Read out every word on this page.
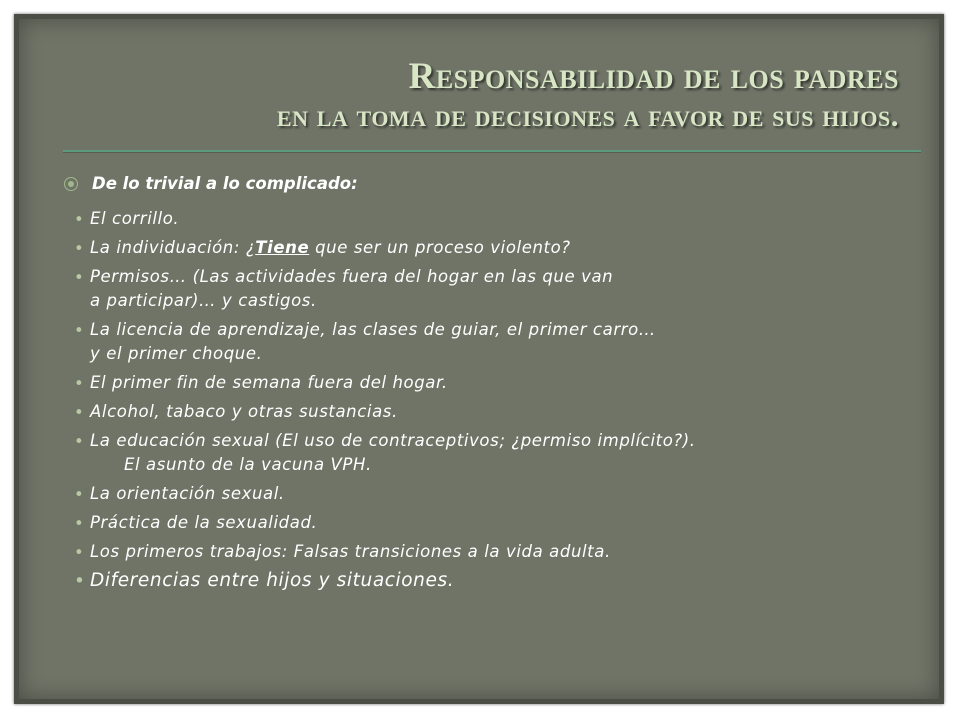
Responsabilidad de los padres
en la toma de decisiones a favor de sus hijos.
De lo trivial a lo complicado:
• El corrillo.
• La individuación: ¿Tiene que ser un proceso violento?
• Permisos… (Las actividades fuera del hogar en las que van
a participar)… y castigos.
• La licencia de aprendizaje, las clases de guiar, el primer carro…
y el primer choque.
• El primer fin de semana fuera del hogar.
• Alcohol, tabaco y otras sustancias.
• La educación sexual (El uso de contraceptivos; ¿permiso implícito?).
El asunto de la vacuna VPH.
• La orientación sexual.
• Práctica de la sexualidad.
• Los primeros trabajos: Falsas transiciones a la vida adulta.
• Diferencias entre hijos y situaciones.
